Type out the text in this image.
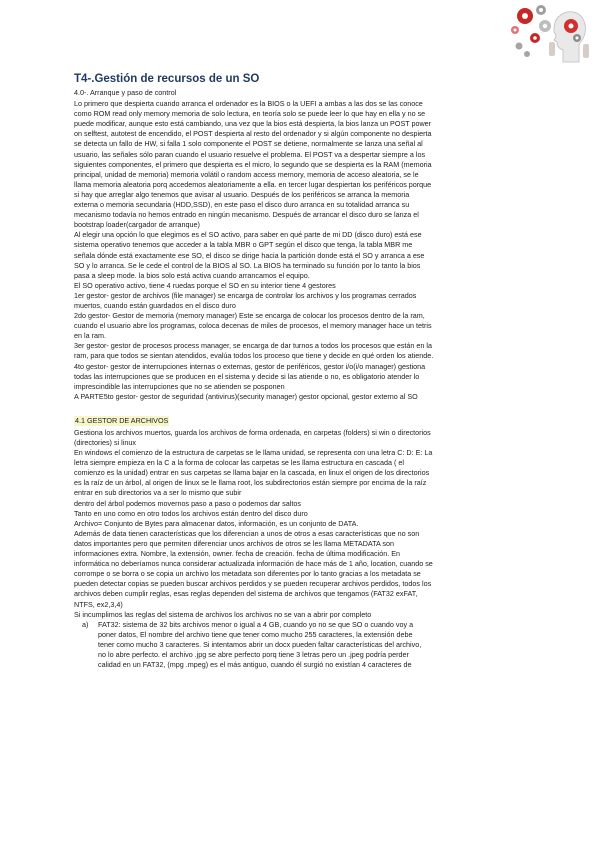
T4-.Gestión de recursos de un SO
4.0-. Arranque y paso de control
Lo primero que despierta cuando arranca el ordenador es la BIOS o la UEFI a ambas a las dos se las conoce
como ROM read only memory memoria de solo lectura, en teoría solo se puede leer lo que hay en ella y no se
puede modificar, aunque esto está cambiando, una vez que la bios está despierta, la bios lanza un POST power
on selftest, autotest de encendido, el POST despierta al resto del ordenador y si algún componente no despierta
se detecta un fallo de HW, si falla 1 solo componente el POST se detiene, normalmente se lanza una señal al
usuario, las señales sólo paran cuando el usuario resuelve el problema. El POST va a despertar siempre a los
siguientes componentes, el primero que despierta es el micro, lo segundo que se despierta es la RAM (memoria
principal, unidad de memoria) memoria volátil o random access memory, memoria de acceso aleatoria, se le
llama memoria aleatoria porq accedemos aleatoriamente a ella. en tercer lugar despiertan los periféricos porque
si hay que arreglar algo tenemos que avisar al usuario. Después de los periféricos se arranca la memoria
externa o memoria secundaria (HDD,SSD), en este paso el disco duro arranca en su totalidad arranca su
mecanismo todavía no hemos entrado en ningún mecanismo. Después de arrancar el disco duro se lanza el
bootstrap loader(cargador de arranque)
Al elegir una opción lo que elegimos es el SO activo, para saber en qué parte de mi DD (disco duro) está ese
sistema operativo tenemos que acceder a la tabla MBR o GPT según el disco que tenga, la tabla MBR me
señala dónde está exactamente ese SO, el disco se dirige hacia la partición donde está el SO y arranca a ese
SO y lo arranca. Se le cede el control de la BIOS al SO. La BIOS ha terminado su función por lo tanto la bios
pasa a sleep mode. la bios solo está activa cuando arrancamos el equipo.
El SO operativo activo, tiene 4 ruedas porque el SO en su interior tiene 4 gestores
1er gestor- gestor de archivos (file manager) se encarga de controlar los archivos y los programas cerrados
muertos, cuando están guardados en el disco duro
2do gestor- Gestor de memoria (memory manager) Este se encarga de colocar los procesos dentro de la ram,
cuando el usuario abre los programas, coloca decenas de miles de procesos, el memory manager hace un tetris
en la ram.
3er gestor- gestor de procesos process manager, se encarga de dar turnos a todos los procesos que están en la
ram, para que todos se sientan atendidos, evalúa todos los proceso que tiene y decide en qué orden los atiende.
4to gestor- gestor de interrupciones internas o externas, gestor de periféricos, gestor i/o(i/o manager) gestiona
todas las interrupciones que se producen en el sistema y decide si las atiende o no, es obligatorio atender lo
imprescindible las interrupciones que no se atienden se posponen
A PARTE5to gestor- gestor de seguridad (antivirus)(security manager) gestor opcional, gestor externo al SO
4.1 GESTOR DE ARCHIVOS
Gestiona los archivos muertos, guarda los archivos de forma ordenada, en carpetas (folders) si win o directorios
(directories) si linux
En windows el comienzo de la estructura de carpetas se le llama unidad, se representa con una letra C: D: E: La
letra siempre empieza en la C a la forma de colocar las carpetas se les llama estructura en cascada ( el
comienzo es la unidad) entrar en sus carpetas se llama bajar en la cascada, en linux el origen de los directorios
es la raíz de un árbol, al origen de linux se le llama root, los subdirectorios están siempre por encima de la raíz
entrar en sub directorios va a ser lo mismo que subir
dentro del árbol podemos movernos paso a paso o podemos dar saltos
Tanto en uno como en otro todos los archivos están dentro del disco duro
Archivo= Conjunto de Bytes para almacenar datos, información, es un conjunto de DATA.
Además de data tienen características que los diferencian a unos de otros a esas características que no son
datos importantes pero que permiten diferenciar unos archivos de otros se les llama METADATA son
informaciones extra. Nombre, la extensión, owner. fecha de creación. fecha de última modificación. En
informática no deberíamos nunca considerar actualizada información de hace más de 1 año, location, cuando se
corrompe o se borra o se copia un archivo los metadata son diferentes por lo tanto gracias a los metadata se
pueden detectar copias se pueden buscar archivos perdidos y se pueden recuperar archivos perdidos, todos los
archivos deben cumplir reglas, esas reglas dependen del sistema de archivos que tengamos (FAT32 exFAT,
NTFS, ex2,3,4)
Si incumplimos las reglas del sistema de archivos los archivos no se van a abrir por completo
a) FAT32: sistema de 32 bits archivos menor o igual a 4 GB, cuando yo no se que SO o cuando voy a
poner datos, El nombre del archivo tiene que tener como mucho 255 caracteres, la extensión debe
tener como mucho 3 caracteres. Si intentamos abrir un docx pueden faltar características del archivo,
no lo abre perfecto. el archivo .jpg se abre perfecto porq tiene 3 letras pero un .jpeg podría perder
calidad en un FAT32, (mpg .mpeg) es el más antiguo, cuando él surgió no existían 4 caracteres de
